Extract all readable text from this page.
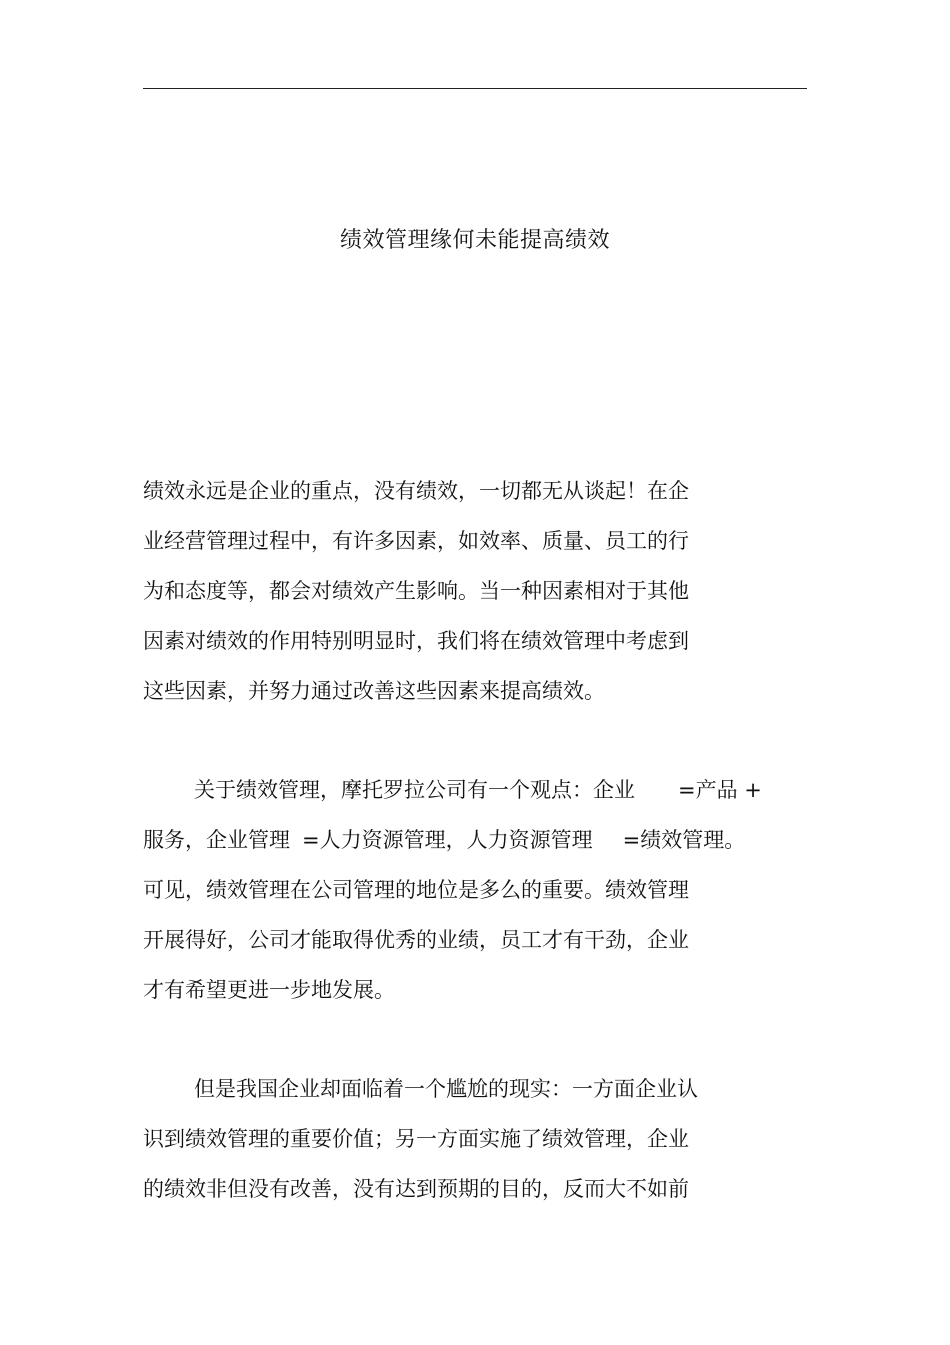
绩效管理缘何未能提高绩效
绩效永远是企业的重点，没有绩效，一切都无从谈起！在企
业经营管理过程中，有许多因素，如效率、质量、员工的行
为和态度等，都会对绩效产生影响。当一种因素相对于其他
因素对绩效的作用特别明显时，我们将在绩效管理中考虑到
这些因素，并努力通过改善这些因素来提高绩效。
关于绩效管理，摩托罗拉公司有一个观点：企业 =产品 +
服务，企业管理 =人力资源管理，人力资源管理 =绩效管理。
可见，绩效管理在公司管理的地位是多么的重要。绩效管理
开展得好，公司才能取得优秀的业绩，员工才有干劲，企业
才有希望更进一步地发展。
但是我国企业却面临着一个尴尬的现实：一方面企业认
识到绩效管理的重要价值；另一方面实施了绩效管理，企业
的绩效非但没有改善，没有达到预期的目的，反而大不如前
